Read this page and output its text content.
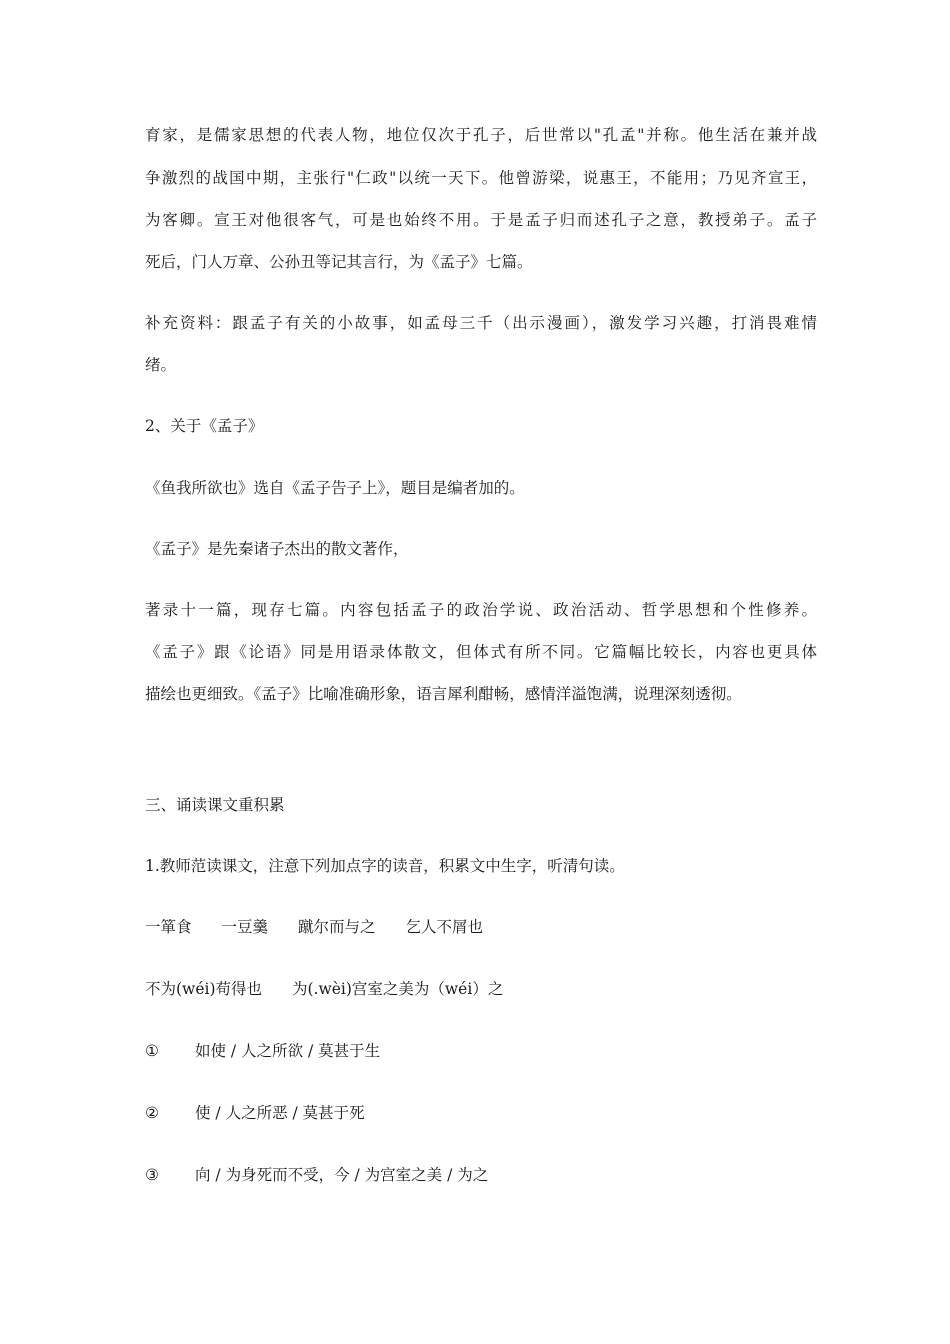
育家，是儒家思想的代表人物，地位仅次于孔子，后世常以"孔孟"并称。他生活在兼并战
争激烈的战国中期，主张行"仁政"以统一天下。他曾游梁，说惠王，不能用；乃见齐宣王，
为客卿。宣王对他很客气，可是也始终不用。于是孟子归而述孔子之意，教授弟子。孟子
死后，门人万章、公孙丑等记其言行，为《孟子》七篇。
补充资料：跟孟子有关的小故事，如孟母三千（出示漫画），激发学习兴趣，打消畏难情
绪。
2、关于《孟子》
《鱼我所欲也》选自《孟子告子上》，题目是编者加的。
《孟子》是先秦诸子杰出的散文著作，
著录十一篇，现存七篇。内容包括孟子的政治学说、政治活动、哲学思想和个性修养。
《孟子》跟《论语》同是用语录体散文，但体式有所不同。它篇幅比较长，内容也更具体
描绘也更细致。《孟子》比喻准确形象，语言犀利酣畅，感情洋溢饱满，说理深刻透彻。
三、诵读课文重积累
1.教师范读课文，注意下列加点字的读音，积累文中生字，听清句读。
一箪食 一豆羹 蹴尔而与之 乞人不屑也
不为(wéi)苟得也 为(.wèi)宫室之美为（wéi）之
① 如使 / 人之所欲 / 莫甚于生
② 使 / 人之所恶 / 莫甚于死
③ 向 / 为身死而不受，今 / 为宫室之美 / 为之
